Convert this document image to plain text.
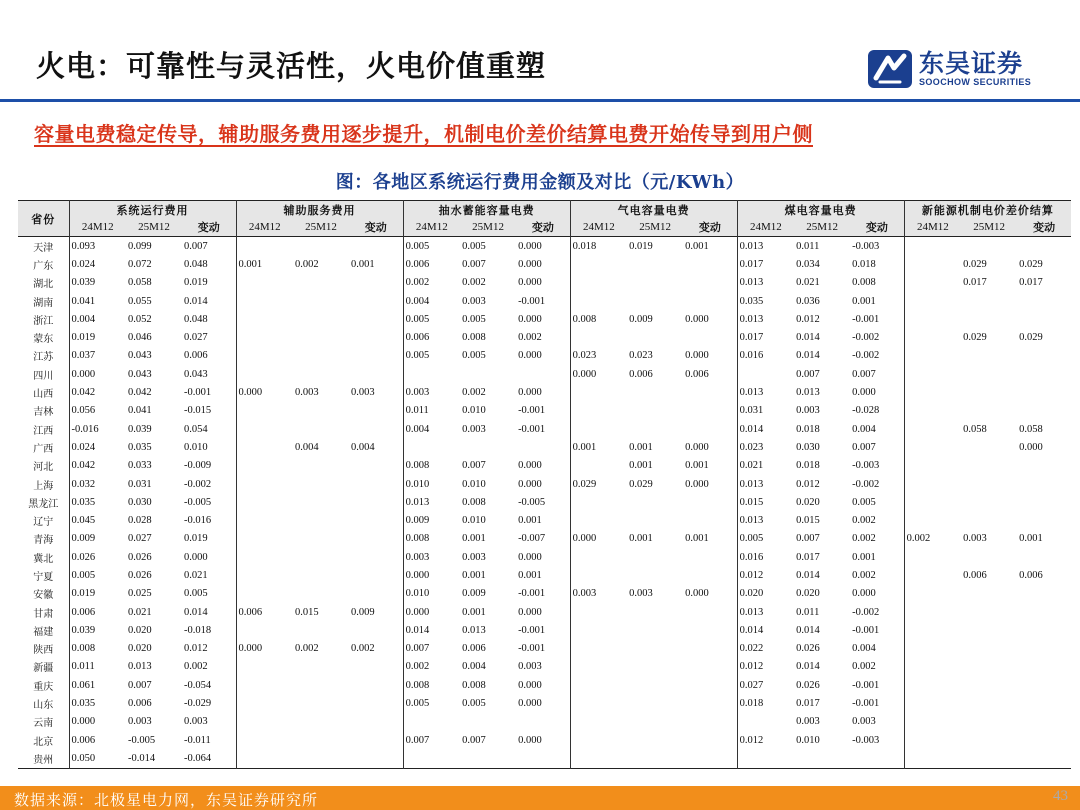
火电：可靠性与灵活性，火电价值重塑	东吴证券
SOOCHOW SECURITIES
容量电费稳定传导，辅助服务费用逐步提升，机制电价差价结算电费开始传导到用户侧
图：各地区系统运行费用金额及对比（元/KWh）
省份	系统运行费用			辅助服务费用			抽水蓄能容量电费			气电容量电费			煤电容量电费			新能源机制电价差价结算		
	24M12	25M12	变动	24M12	25M12	变动	24M12	25M12	变动	24M12	25M12	变动	24M12	25M12	变动	24M12	25M12	变动
天津	0.093	0.099	0.007				0.005	0.005	0.000	0.018	0.019	0.001	0.013	0.011	-0.003			
广东	0.024	0.072	0.048	0.001	0.002	0.001	0.006	0.007	0.000				0.017	0.034	0.018		0.029	0.029
湖北	0.039	0.058	0.019				0.002	0.002	0.000				0.013	0.021	0.008		0.017	0.017
湖南	0.041	0.055	0.014				0.004	0.003	-0.001				0.035	0.036	0.001			
浙江	0.004	0.052	0.048				0.005	0.005	0.000	0.008	0.009	0.000	0.013	0.012	-0.001			
蒙东	0.019	0.046	0.027				0.006	0.008	0.002				0.017	0.014	-0.002		0.029	0.029
江苏	0.037	0.043	0.006				0.005	0.005	0.000	0.023	0.023	0.000	0.016	0.014	-0.002			
四川	0.000	0.043	0.043							0.000	0.006	0.006		0.007	0.007			
山西	0.042	0.042	-0.001	0.000	0.003	0.003	0.003	0.002	0.000				0.013	0.013	0.000			
吉林	0.056	0.041	-0.015				0.011	0.010	-0.001				0.031	0.003	-0.028			
江西	-0.016	0.039	0.054				0.004	0.003	-0.001				0.014	0.018	0.004		0.058	0.058
广西	0.024	0.035	0.010		0.004	0.004				0.001	0.001	0.000	0.023	0.030	0.007			0.000
河北	0.042	0.033	-0.009				0.008	0.007	0.000		0.001	0.001	0.021	0.018	-0.003			
上海	0.032	0.031	-0.002				0.010	0.010	0.000	0.029	0.029	0.000	0.013	0.012	-0.002			
黑龙江	0.035	0.030	-0.005				0.013	0.008	-0.005				0.015	0.020	0.005			
辽宁	0.045	0.028	-0.016				0.009	0.010	0.001				0.013	0.015	0.002			
青海	0.009	0.027	0.019				0.008	0.001	-0.007	0.000	0.001	0.001	0.005	0.007	0.002	0.002	0.003	0.001
冀北	0.026	0.026	0.000				0.003	0.003	0.000				0.016	0.017	0.001			
宁夏	0.005	0.026	0.021				0.000	0.001	0.001				0.012	0.014	0.002		0.006	0.006
安徽	0.019	0.025	0.005				0.010	0.009	-0.001	0.003	0.003	0.000	0.020	0.020	0.000			
甘肃	0.006	0.021	0.014	0.006	0.015	0.009	0.000	0.001	0.000				0.013	0.011	-0.002			
福建	0.039	0.020	-0.018				0.014	0.013	-0.001				0.014	0.014	-0.001			
陕西	0.008	0.020	0.012	0.000	0.002	0.002	0.007	0.006	-0.001				0.022	0.026	0.004			
新疆	0.011	0.013	0.002				0.002	0.004	0.003				0.012	0.014	0.002			
重庆	0.061	0.007	-0.054				0.008	0.008	0.000				0.027	0.026	-0.001			
山东	0.035	0.006	-0.029				0.005	0.005	0.000				0.018	0.017	-0.001			
云南	0.000	0.003	0.003											0.003	0.003			
北京	0.006	-0.005	-0.011				0.007	0.007	0.000				0.012	0.010	-0.003			
贵州	0.050	-0.014	-0.064															
数据来源：北极星电力网，东吴证券研究所	43
